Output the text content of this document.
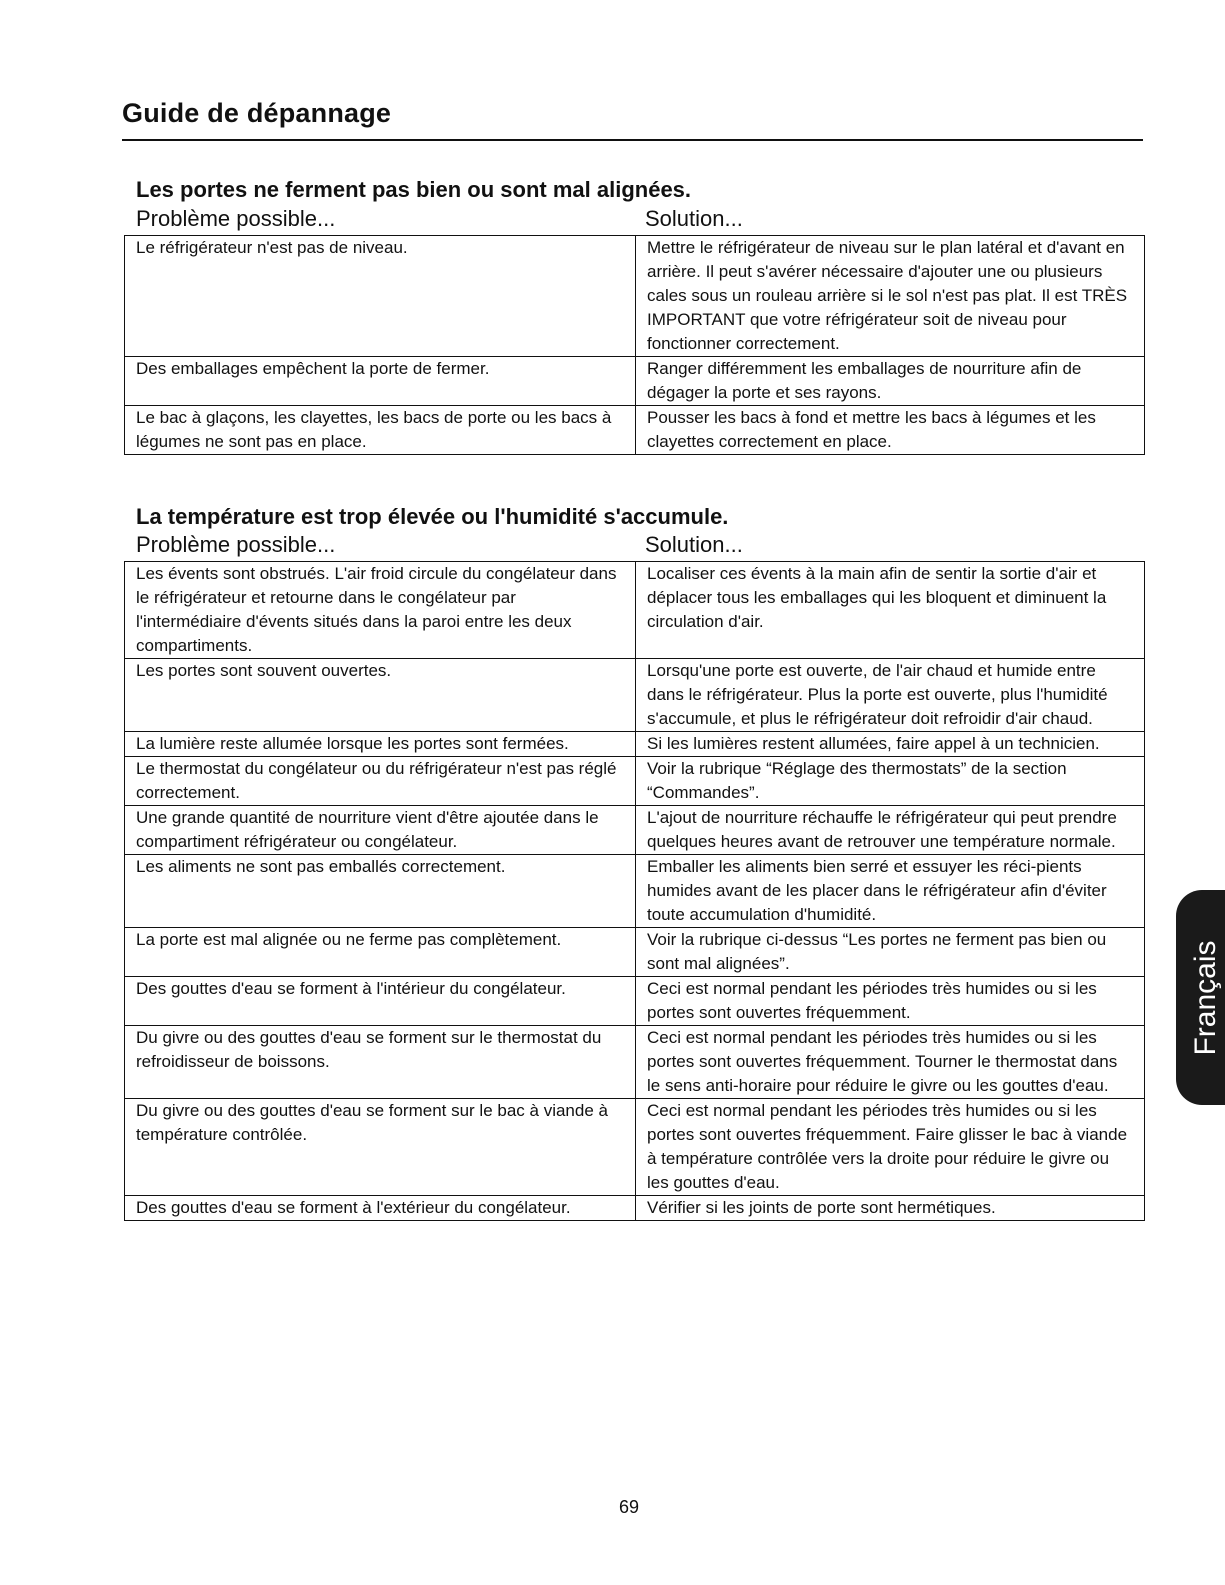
Guide de dépannage
Les portes ne ferment pas bien ou sont mal alignées.
Problème possible...	Solution...
Le réfrigérateur n'est pas de niveau.	Mettre le réfrigérateur de niveau sur le plan latéral et d'avant en arrière. Il peut s'avérer nécessaire d'ajouter une ou plusieurs cales sous un rouleau arrière si le sol n'est pas plat. Il est TRÈS IMPORTANT que votre réfrigérateur soit de niveau pour fonctionner correctement.
Des emballages empêchent la porte de fermer.	Ranger différemment les emballages de nourriture afin de dégager la porte et ses rayons.
Le bac à glaçons, les clayettes, les bacs de porte ou les bacs à légumes ne sont pas en place.	Pousser les bacs à fond et mettre les bacs à légumes et les clayettes correctement en place.
La température est trop élevée ou l'humidité s'accumule.
Problème possible...	Solution...
Les évents sont obstrués. L'air froid circule du congélateur dans le réfrigérateur et retourne dans le congélateur par l'intermédiaire d'évents situés dans la paroi entre les deux compartiments.	Localiser ces évents à la main afin de sentir la sortie d'air et déplacer tous les emballages qui les bloquent et diminuent la circulation d'air.
Les portes sont souvent ouvertes.	Lorsqu'une porte est ouverte, de l'air chaud et humide entre dans le réfrigérateur. Plus la porte est ouverte, plus l'humidité s'accumule, et plus le réfrigérateur doit refroidir d'air chaud.
La lumière reste allumée lorsque les portes sont fermées.	Si les lumières restent allumées, faire appel à un technicien.
Le thermostat du congélateur ou du réfrigérateur n'est pas réglé correctement.	Voir la rubrique “Réglage des thermostats” de la section “Commandes”.
Une grande quantité de nourriture vient d'être ajoutée dans le compartiment réfrigérateur ou congélateur.	L'ajout de nourriture réchauffe le réfrigérateur qui peut prendre quelques heures avant de retrouver une température normale.
Les aliments ne sont pas emballés correctement.	Emballer les aliments bien serré et essuyer les réci-pients humides avant de les placer dans le réfrigérateur afin d'éviter toute accumulation d'humidité.
La porte est mal alignée ou ne ferme pas complètement.	Voir la rubrique ci-dessus “Les portes ne ferment pas bien ou sont mal alignées”.
Des gouttes d'eau se forment à l'intérieur du congélateur.	Ceci est normal pendant les périodes très humides ou si les portes sont ouvertes fréquemment.
Du givre ou des gouttes d'eau se forment sur le thermostat du refroidisseur de boissons.	Ceci est normal pendant les périodes très humides ou si les portes sont ouvertes fréquemment. Tourner le thermostat dans le sens anti-horaire pour réduire le givre ou les gouttes d'eau.
Du givre ou des gouttes d'eau se forment sur le bac à viande à température contrôlée.	Ceci est normal pendant les périodes très humides ou si les portes sont ouvertes fréquemment. Faire glisser le bac à viande à température contrôlée vers la droite pour réduire le givre ou les gouttes d'eau.
Des gouttes d'eau se forment à l'extérieur du congélateur.	Vérifier si les joints de porte sont hermétiques.
69
Français
